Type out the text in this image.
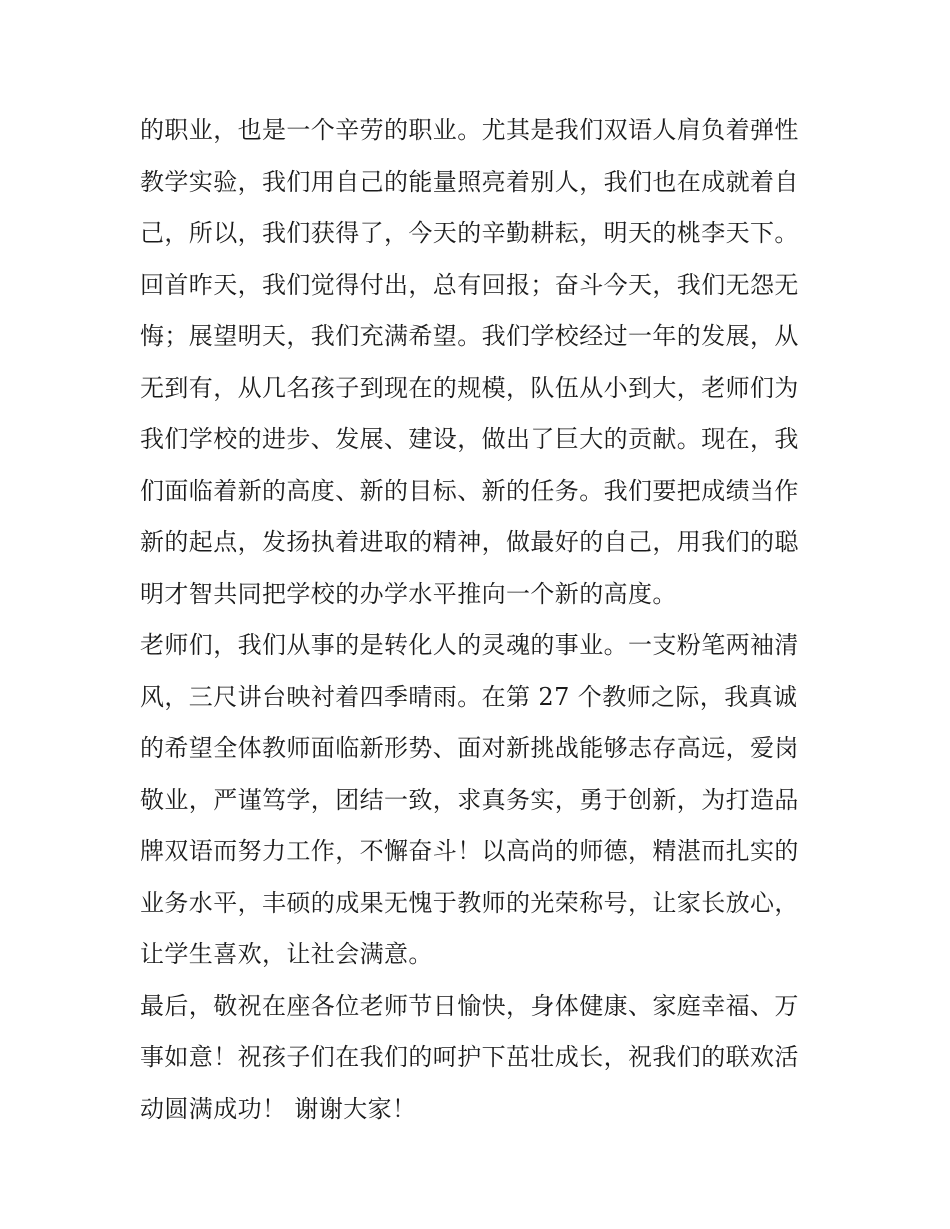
的职业，也是一个辛劳的职业。尤其是我们双语人肩负着弹性
教学实验，我们用自己的能量照亮着别人，我们也在成就着自
己，所以，我们获得了，今天的辛勤耕耘，明天的桃李天下。
回首昨天，我们觉得付出，总有回报；奋斗今天，我们无怨无
悔；展望明天，我们充满希望。我们学校经过一年的发展，从
无到有，从几名孩子到现在的规模，队伍从小到大，老师们为
我们学校的进步、发展、建设，做出了巨大的贡献。现在，我
们面临着新的高度、新的目标、新的任务。我们要把成绩当作
新的起点，发扬执着进取的精神，做最好的自己，用我们的聪
明才智共同把学校的办学水平推向一个新的高度。
老师们，我们从事的是转化人的灵魂的事业。一支粉笔两袖清
风，三尺讲台映衬着四季晴雨。在第 27 个教师之际，我真诚
的希望全体教师面临新形势、面对新挑战能够志存高远，爱岗
敬业，严谨笃学，团结一致，求真务实，勇于创新，为打造品
牌双语而努力工作，不懈奋斗！以高尚的师德，精湛而扎实的
业务水平，丰硕的成果无愧于教师的光荣称号，让家长放心，
让学生喜欢，让社会满意。
最后，敬祝在座各位老师节日愉快，身体健康、家庭幸福、万
事如意！祝孩子们在我们的呵护下茁壮成长，祝我们的联欢活
动圆满成功！ 谢谢大家！
